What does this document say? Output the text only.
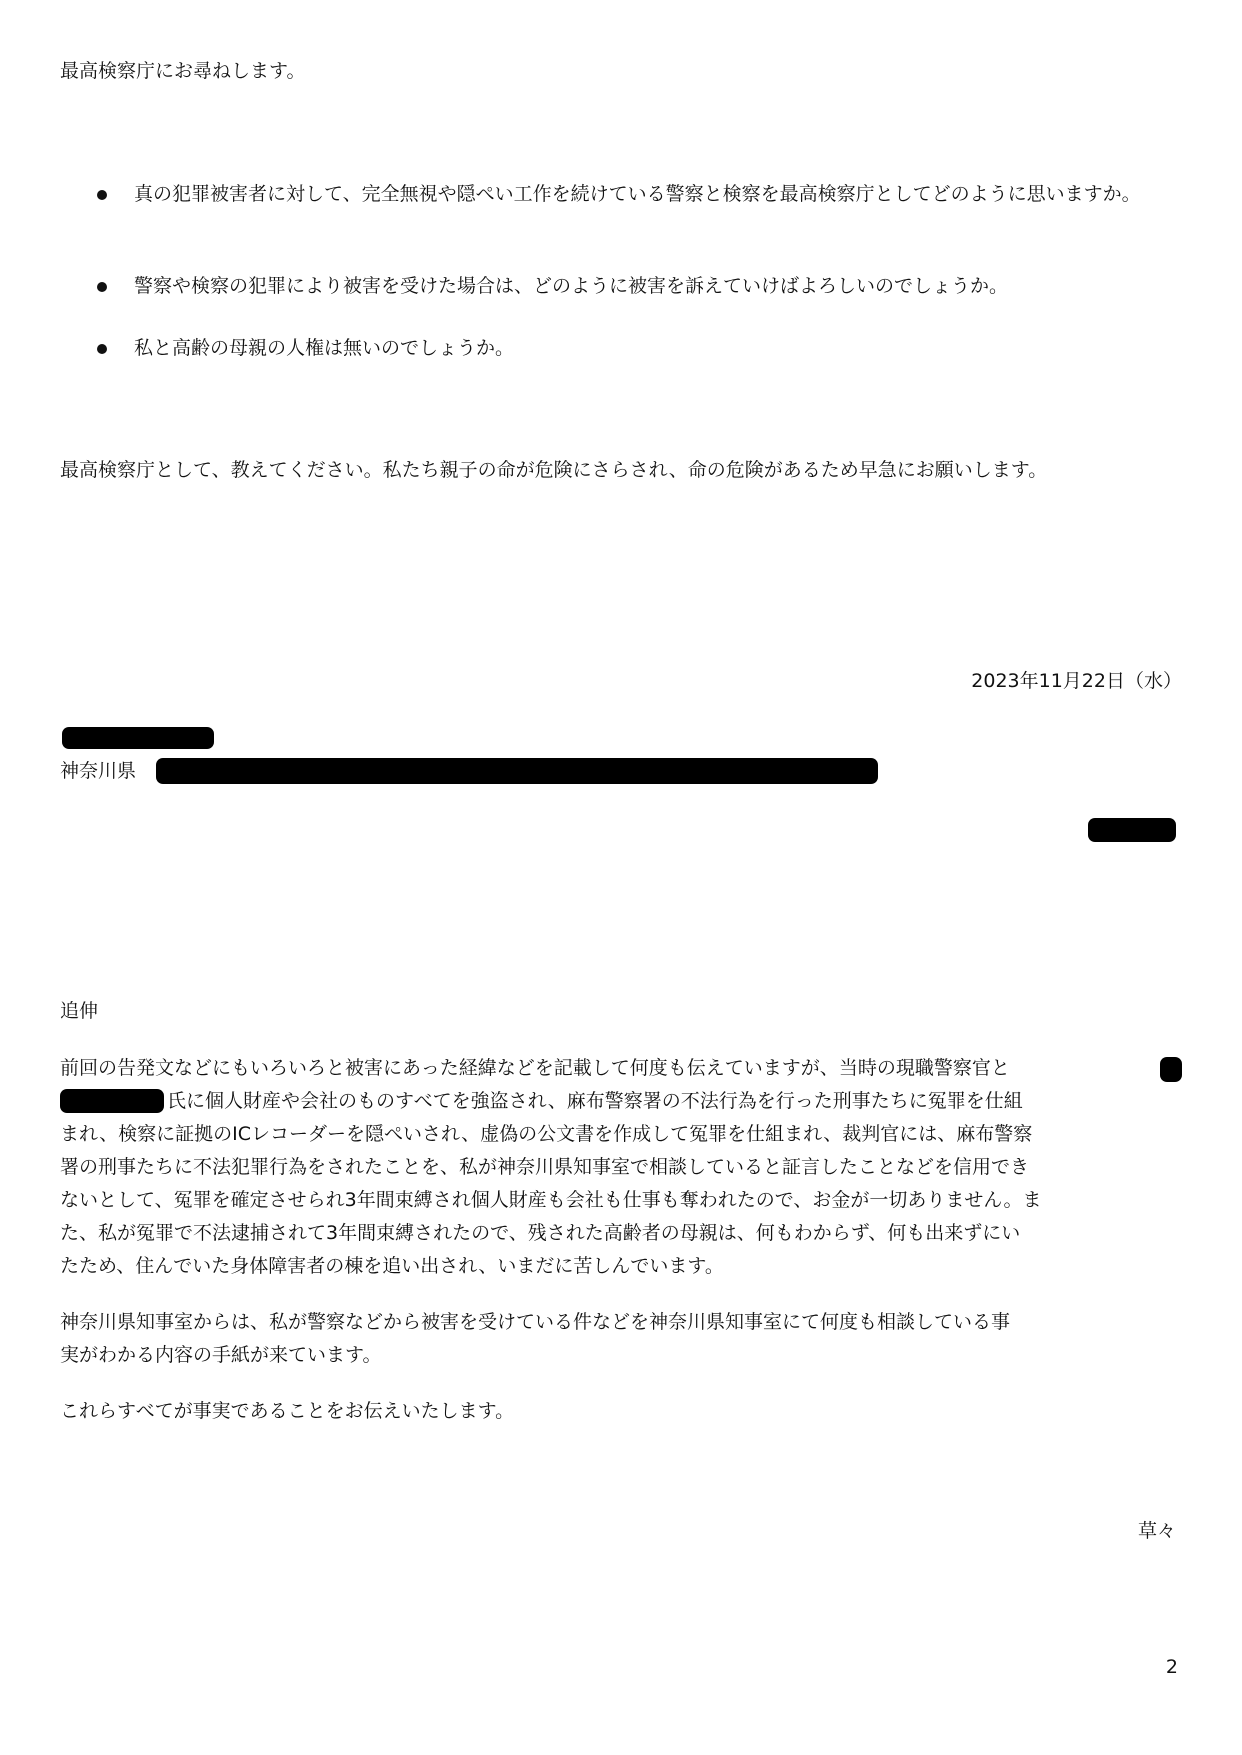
最高検察庁にお尋ねします。
真の犯罪被害者に対して、完全無視や隠ぺい工作を続けている警察と検察を最高検察庁としてどのように思いますか。
警察や検察の犯罪により被害を受けた場合は、どのように被害を訴えていけばよろしいのでしょうか。
私と高齢の母親の人権は無いのでしょうか。
最高検察庁として、教えてください。私たち親子の命が危険にさらされ、命の危険があるため早急にお願いします。
2023年11月22日（水）
神奈川県
追伸
前回の告発文などにもいろいろと被害にあった経緯などを記載して何度も伝えていますが、当時の現職警察官と
氏に個人財産や会社のものすべてを強盗され、麻布警察署の不法行為を行った刑事たちに冤罪を仕組
まれ、検察に証拠のICレコーダーを隠ぺいされ、虚偽の公文書を作成して冤罪を仕組まれ、裁判官には、麻布警察
署の刑事たちに不法犯罪行為をされたことを、私が神奈川県知事室で相談していると証言したことなどを信用でき
ないとして、冤罪を確定させられ3年間束縛され個人財産も会社も仕事も奪われたので、お金が一切ありません。ま
た、私が冤罪で不法逮捕されて3年間束縛されたので、残された高齢者の母親は、何もわからず、何も出来ずにい
たため、住んでいた身体障害者の棟を追い出され、いまだに苦しんでいます。
神奈川県知事室からは、私が警察などから被害を受けている件などを神奈川県知事室にて何度も相談している事
実がわかる内容の手紙が来ています。
これらすべてが事実であることをお伝えいたします。
草々
2
